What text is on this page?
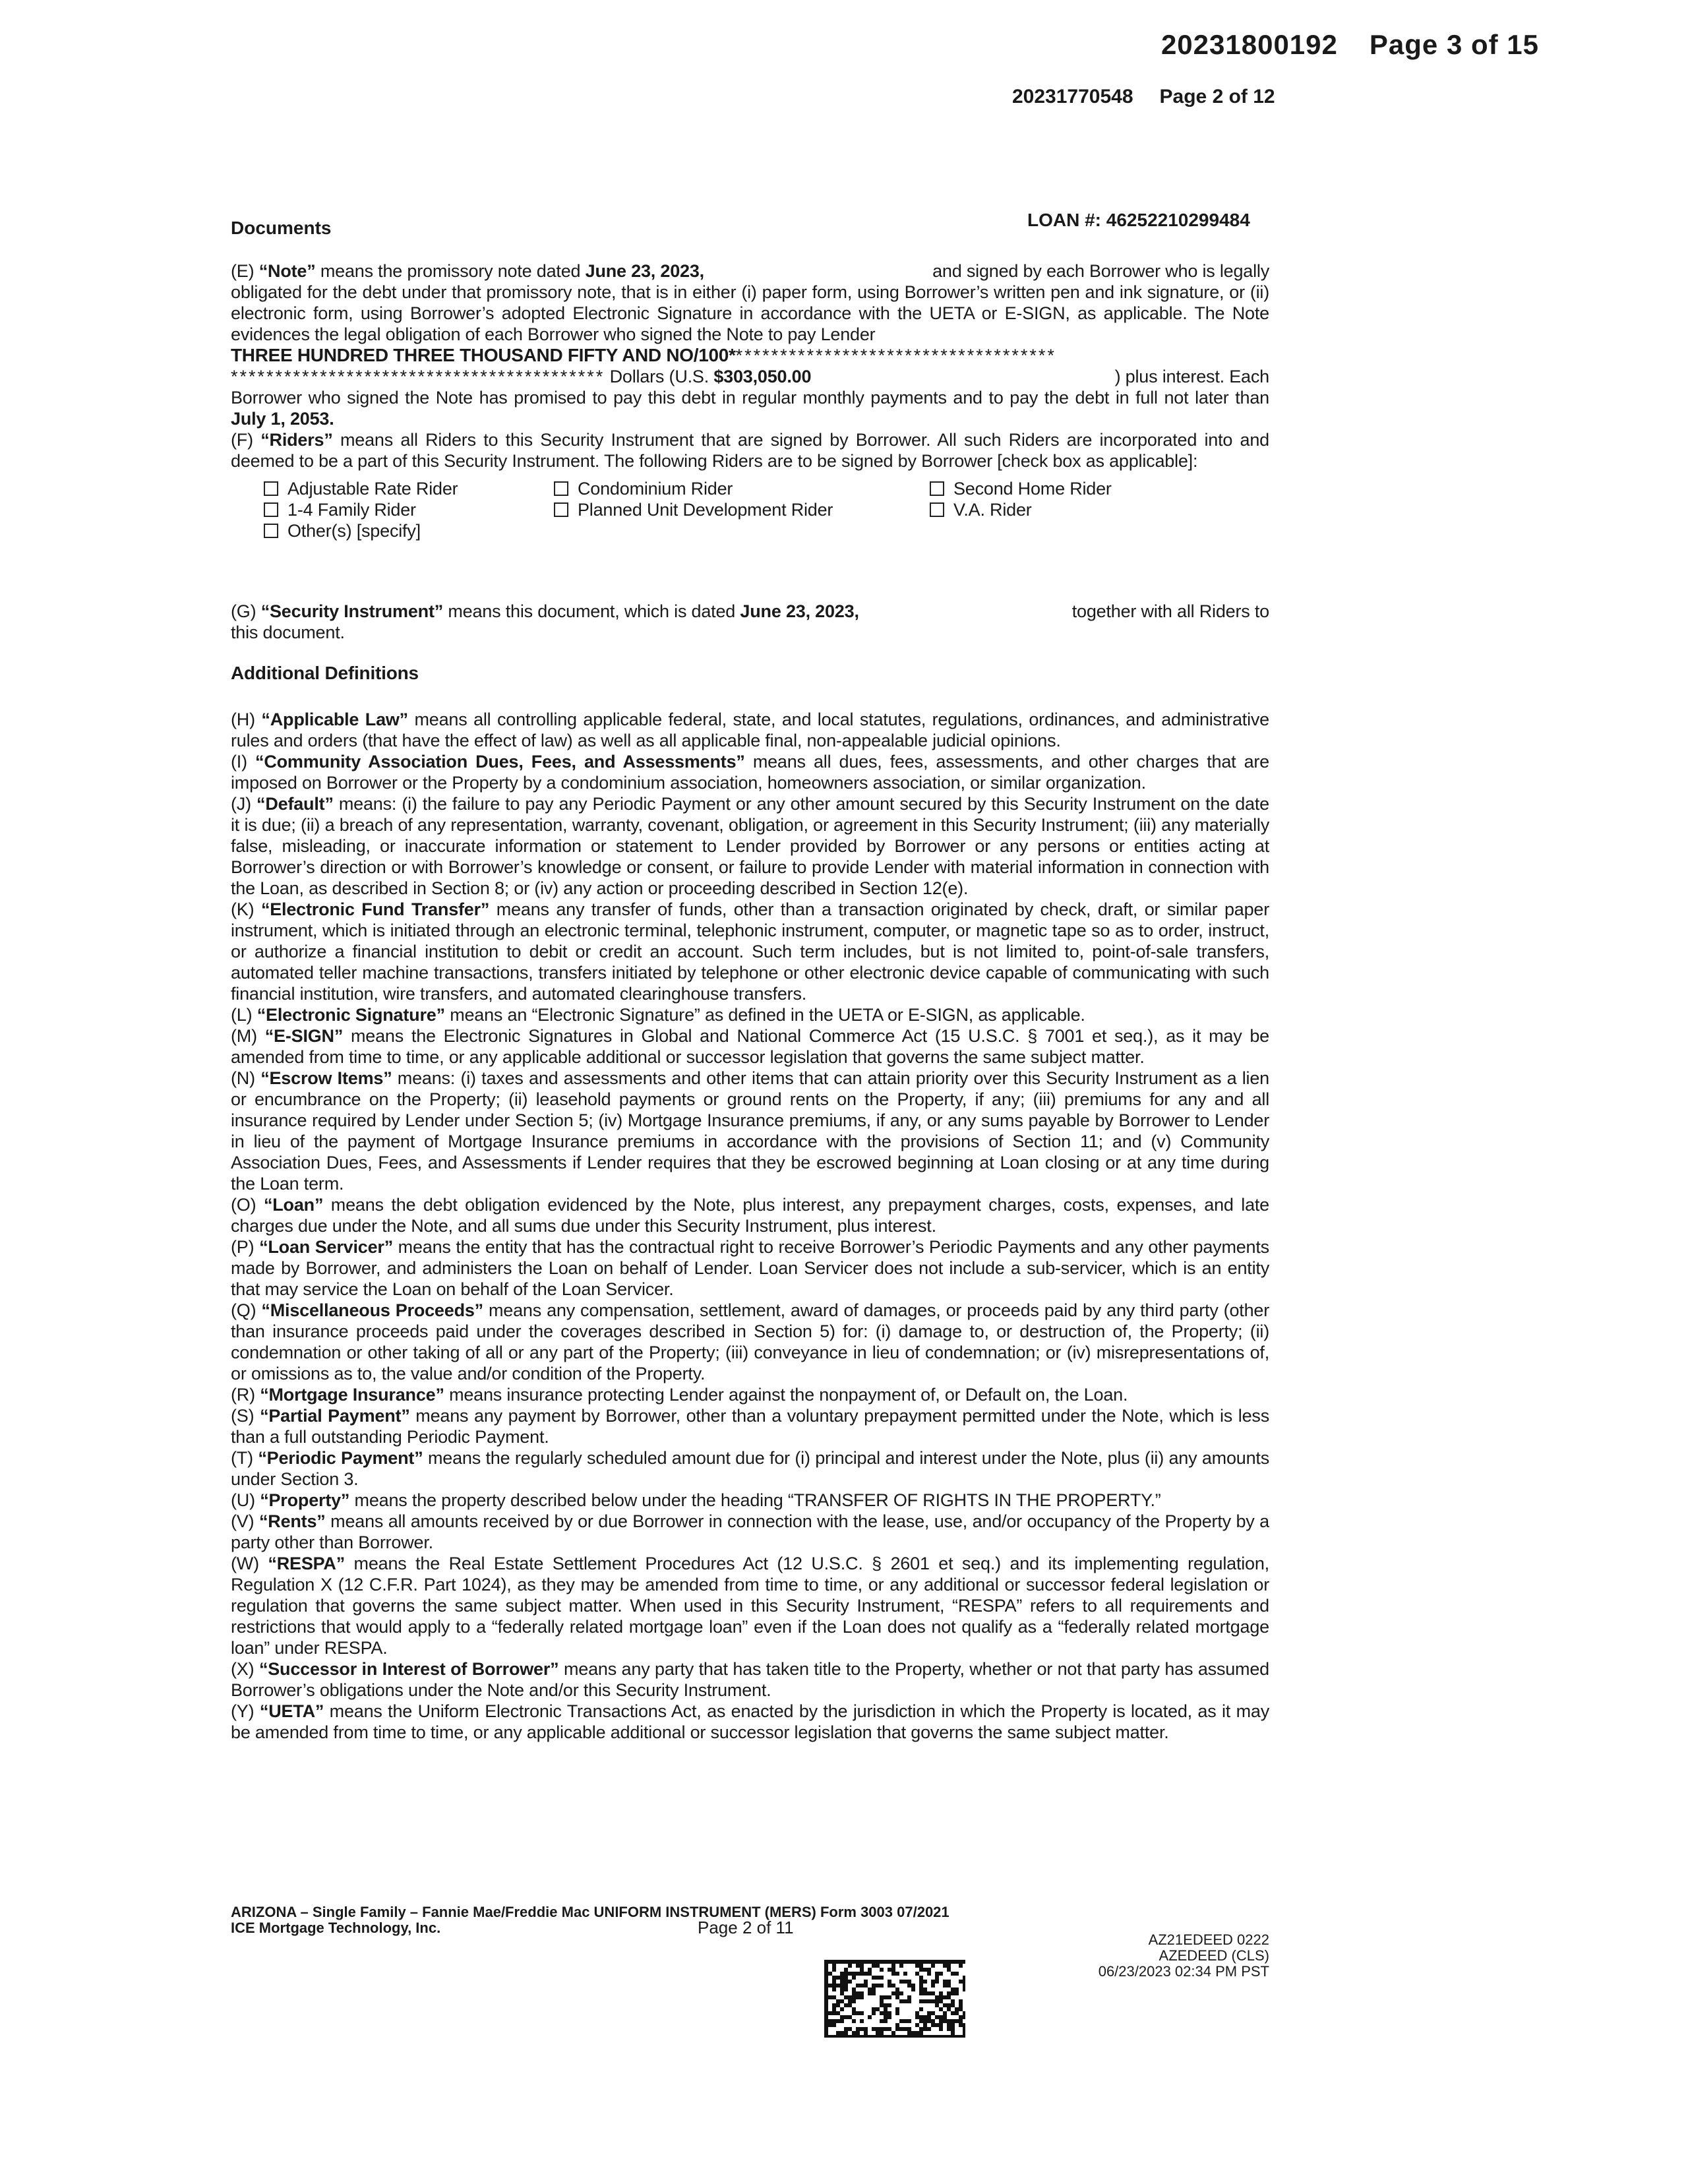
20231800192 Page 3 of 15
20231770548 Page 2 of 12
Documents	LOAN #: 46252210299484
(E) “Note” means the promissory note dated June 23, 2023,	and signed by each Borrower who is legally

obligated for the debt under that promissory note, that is in either (i) paper form, using Borrower’s written pen and ink signature, or (ii) electronic form, using Borrower’s adopted Electronic Signature in accordance with the UETA or E-SIGN, as applicable. The Note evidences the legal obligation of each Borrower who signed the Note to pay Lender

THREE HUNDRED THREE THOUSAND FIFTY AND NO/100*************************************
****************************************** Dollars (U.S. $303,050.00	) plus interest. Each

Borrower who signed the Note has promised to pay this debt in regular monthly payments and to pay the debt in full not later than July 1, 2053.

(F) “Riders” means all Riders to this Security Instrument that are signed by Borrower. All such Riders are incorporated into and deemed to be a part of this Security Instrument. The following Riders are to be signed by Borrower [check box as applicable]:

Adjustable Rate Rider	Condominium Rider	Second Home Rider
1-4 Family Rider	Planned Unit Development Rider	V.A. Rider
Other(s) [specify]
(G) “Security Instrument” means this document, which is dated June 23, 2023,	together with all Riders to

this document.

Additional Definitions

(H) “Applicable Law” means all controlling applicable federal, state, and local statutes, regulations, ordinances, and administrative rules and orders (that have the effect of law) as well as all applicable final, non-appealable judicial opinions.

(I) “Community Association Dues, Fees, and Assessments” means all dues, fees, assessments, and other charges that are imposed on Borrower or the Property by a condominium association, homeowners association, or similar organization.

(J) “Default” means: (i) the failure to pay any Periodic Payment or any other amount secured by this Security Instrument on the date it is due; (ii) a breach of any representation, warranty, covenant, obligation, or agreement in this Security Instrument; (iii) any materially false, misleading, or inaccurate information or statement to Lender provided by Borrower or any persons or entities acting at Borrower’s direction or with Borrower’s knowledge or consent, or failure to provide Lender with material information in connection with the Loan, as described in Section 8; or (iv) any action or proceeding described in Section 12(e).

(K) “Electronic Fund Transfer” means any transfer of funds, other than a transaction originated by check, draft, or similar paper instrument, which is initiated through an electronic terminal, telephonic instrument, computer, or magnetic tape so as to order, instruct, or authorize a financial institution to debit or credit an account. Such term includes, but is not limited to, point-of-sale transfers, automated teller machine transactions, transfers initiated by telephone or other electronic device capable of communicating with such financial institution, wire transfers, and automated clearinghouse transfers.

(L) “Electronic Signature” means an “Electronic Signature” as defined in the UETA or E-SIGN, as applicable.

(M) “E-SIGN” means the Electronic Signatures in Global and National Commerce Act (15 U.S.C. § 7001 et seq.), as it may be amended from time to time, or any applicable additional or successor legislation that governs the same subject matter.

(N) “Escrow Items” means: (i) taxes and assessments and other items that can attain priority over this Security Instrument as a lien or encumbrance on the Property; (ii) leasehold payments or ground rents on the Property, if any; (iii) premiums for any and all insurance required by Lender under Section 5; (iv) Mortgage Insurance premiums, if any, or any sums payable by Borrower to Lender in lieu of the payment of Mortgage Insurance premiums in accordance with the provisions of Section 11; and (v) Community Association Dues, Fees, and Assessments if Lender requires that they be escrowed beginning at Loan closing or at any time during the Loan term.

(O) “Loan” means the debt obligation evidenced by the Note, plus interest, any prepayment charges, costs, expenses, and late charges due under the Note, and all sums due under this Security Instrument, plus interest.

(P) “Loan Servicer” means the entity that has the contractual right to receive Borrower’s Periodic Payments and any other payments made by Borrower, and administers the Loan on behalf of Lender. Loan Servicer does not include a sub-servicer, which is an entity that may service the Loan on behalf of the Loan Servicer.

(Q) “Miscellaneous Proceeds” means any compensation, settlement, award of damages, or proceeds paid by any third party (other than insurance proceeds paid under the coverages described in Section 5) for: (i) damage to, or destruction of, the Property; (ii) condemnation or other taking of all or any part of the Property; (iii) conveyance in lieu of condemnation; or (iv) misrepresentations of, or omissions as to, the value and/or condition of the Property.

(R) “Mortgage Insurance” means insurance protecting Lender against the nonpayment of, or Default on, the Loan.

(S) “Partial Payment” means any payment by Borrower, other than a voluntary prepayment permitted under the Note, which is less than a full outstanding Periodic Payment.

(T) “Periodic Payment” means the regularly scheduled amount due for (i) principal and interest under the Note, plus (ii) any amounts under Section 3.

(U) “Property” means the property described below under the heading “TRANSFER OF RIGHTS IN THE PROPERTY.”

(V) “Rents” means all amounts received by or due Borrower in connection with the lease, use, and/or occupancy of the Property by a party other than Borrower.

(W) “RESPA” means the Real Estate Settlement Procedures Act (12 U.S.C. § 2601 et seq.) and its implementing regulation, Regulation X (12 C.F.R. Part 1024), as they may be amended from time to time, or any additional or successor federal legislation or regulation that governs the same subject matter. When used in this Security Instrument, “RESPA” refers to all requirements and restrictions that would apply to a “federally related mortgage loan” even if the Loan does not qualify as a “federally related mortgage loan” under RESPA.

(X) “Successor in Interest of Borrower” means any party that has taken title to the Property, whether or not that party has assumed Borrower’s obligations under the Note and/or this Security Instrument.

(Y) “UETA” means the Uniform Electronic Transactions Act, as enacted by the jurisdiction in which the Property is located, as it may be amended from time to time, or any applicable additional or successor legislation that governs the same subject matter.

ARIZONA – Single Family – Fannie Mae/Freddie Mac UNIFORM INSTRUMENT (MERS) Form 3003 07/2021
ICE Mortgage Technology, Inc.	Page 2 of 11
AZ21EDEED 0222
AZEDEED (CLS)
06/23/2023 02:34 PM PST
